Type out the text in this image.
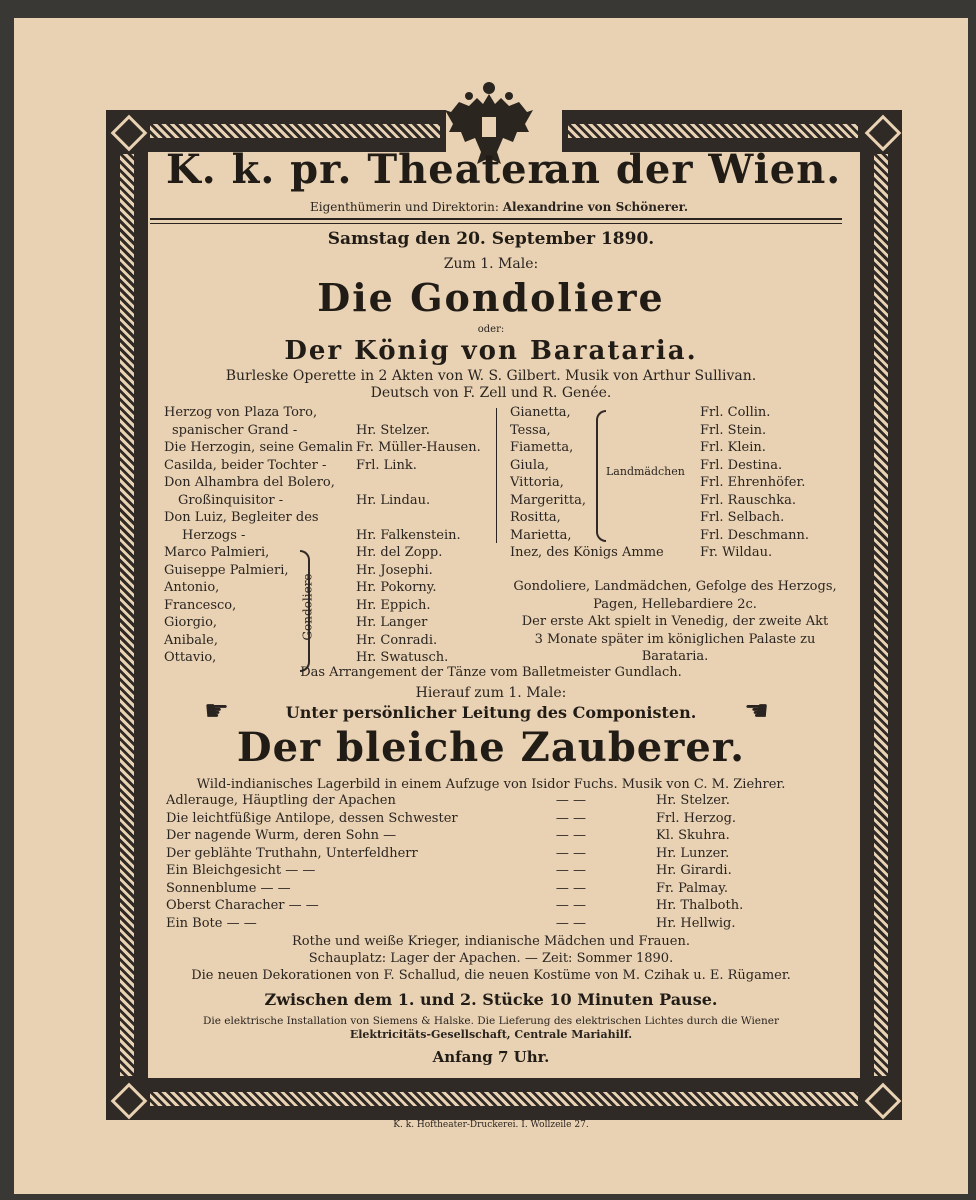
K. k. pr. Theater
an der Wien.
Eigenthümerin und Direktorin: Alexandrine von Schönerer.
Samstag den 20. September 1890.
Zum 1. Male:
Die Gondoliere
oder:
Der König von Barataria.
Burleske Operette in 2 Akten von W. S. Gilbert. Musik von Arthur Sullivan.
Deutsch von F. Zell und R. Genée.
Herzog von Plaza Toro,
spanischer Grand -	Hr. Stelzer.
Die Herzogin, seine Gemalin Fr. Müller-Hausen.
Casilda, beider Tochter -	Frl. Link.
Don Alhambra del Bolero,
Großinquisitor -	Hr. Lindau.
Don Luiz, Begleiter des
Herzogs -	Hr. Falkenstein.
Marco Palmieri,	Hr. del Zopp.
Guiseppe Palmieri,	Hr. Josephi.
Antonio,	Hr. Pokorny.
Francesco,	Hr. Eppich.
Giorgio,	Hr. Langer
Anibale,	Hr. Conradi.
Ottavio,	Hr. Swatusch.
Gondoliere
Gianetta,	Frl. Collin.
Tessa,	Frl. Stein.
Fiametta,	Frl. Klein.
Giula,	Frl. Destina.
Vittoria,	Frl. Ehrenhöfer.
Margeritta,	Frl. Rauschka.
Rositta,	Frl. Selbach.
Marietta,	Frl. Deschmann.
Inez, des Königs Amme	Fr. Wildau.
Landmädchen
Gondoliere, Landmädchen, Gefolge des Herzogs,
Pagen, Hellebardiere 2c.
Der erste Akt spielt in Venedig, der zweite Akt
3 Monate später im königlichen Palaste zu
Barataria.
Das Arrangement der Tänze vom Balletmeister Gundlach.
Hierauf zum 1. Male:
☛	Unter persönlicher Leitung des Componisten.	☛
Der bleiche Zauberer.
Wild-indianisches Lagerbild in einem Aufzuge von Isidor Fuchs. Musik von C. M. Ziehrer.
Adlerauge, Häuptling der Apachen	— —	Hr. Stelzer.
Die leichtfüßige Antilope, dessen Schwester	— —	Frl. Herzog.
Der nagende Wurm, deren Sohn —	— —	Kl. Skuhra.
Der geblähte Truthahn, Unterfeldherr	— —	Hr. Lunzer.
Ein Bleichgesicht — —	— —	Hr. Girardi.
Sonnenblume — —	— —	Fr. Palmay.
Oberst Characher — —	— —	Hr. Thalboth.
Ein Bote — —	— —	Hr. Hellwig.
Rothe und weiße Krieger, indianische Mädchen und Frauen.
Schauplatz: Lager der Apachen. — Zeit: Sommer 1890.
Die neuen Dekorationen von F. Schallud, die neuen Kostüme von M. Czihak u. E. Rügamer.
Zwischen dem 1. und 2. Stücke 10 Minuten Pause.
Die elektrische Installation von Siemens & Halske. Die Lieferung des elektrischen Lichtes durch die Wiener
Elektricitäts-Gesellschaft, Centrale Mariahilf.
Anfang 7 Uhr.
K. k. Hoftheater-Druckerei. I. Wollzeile 27.
